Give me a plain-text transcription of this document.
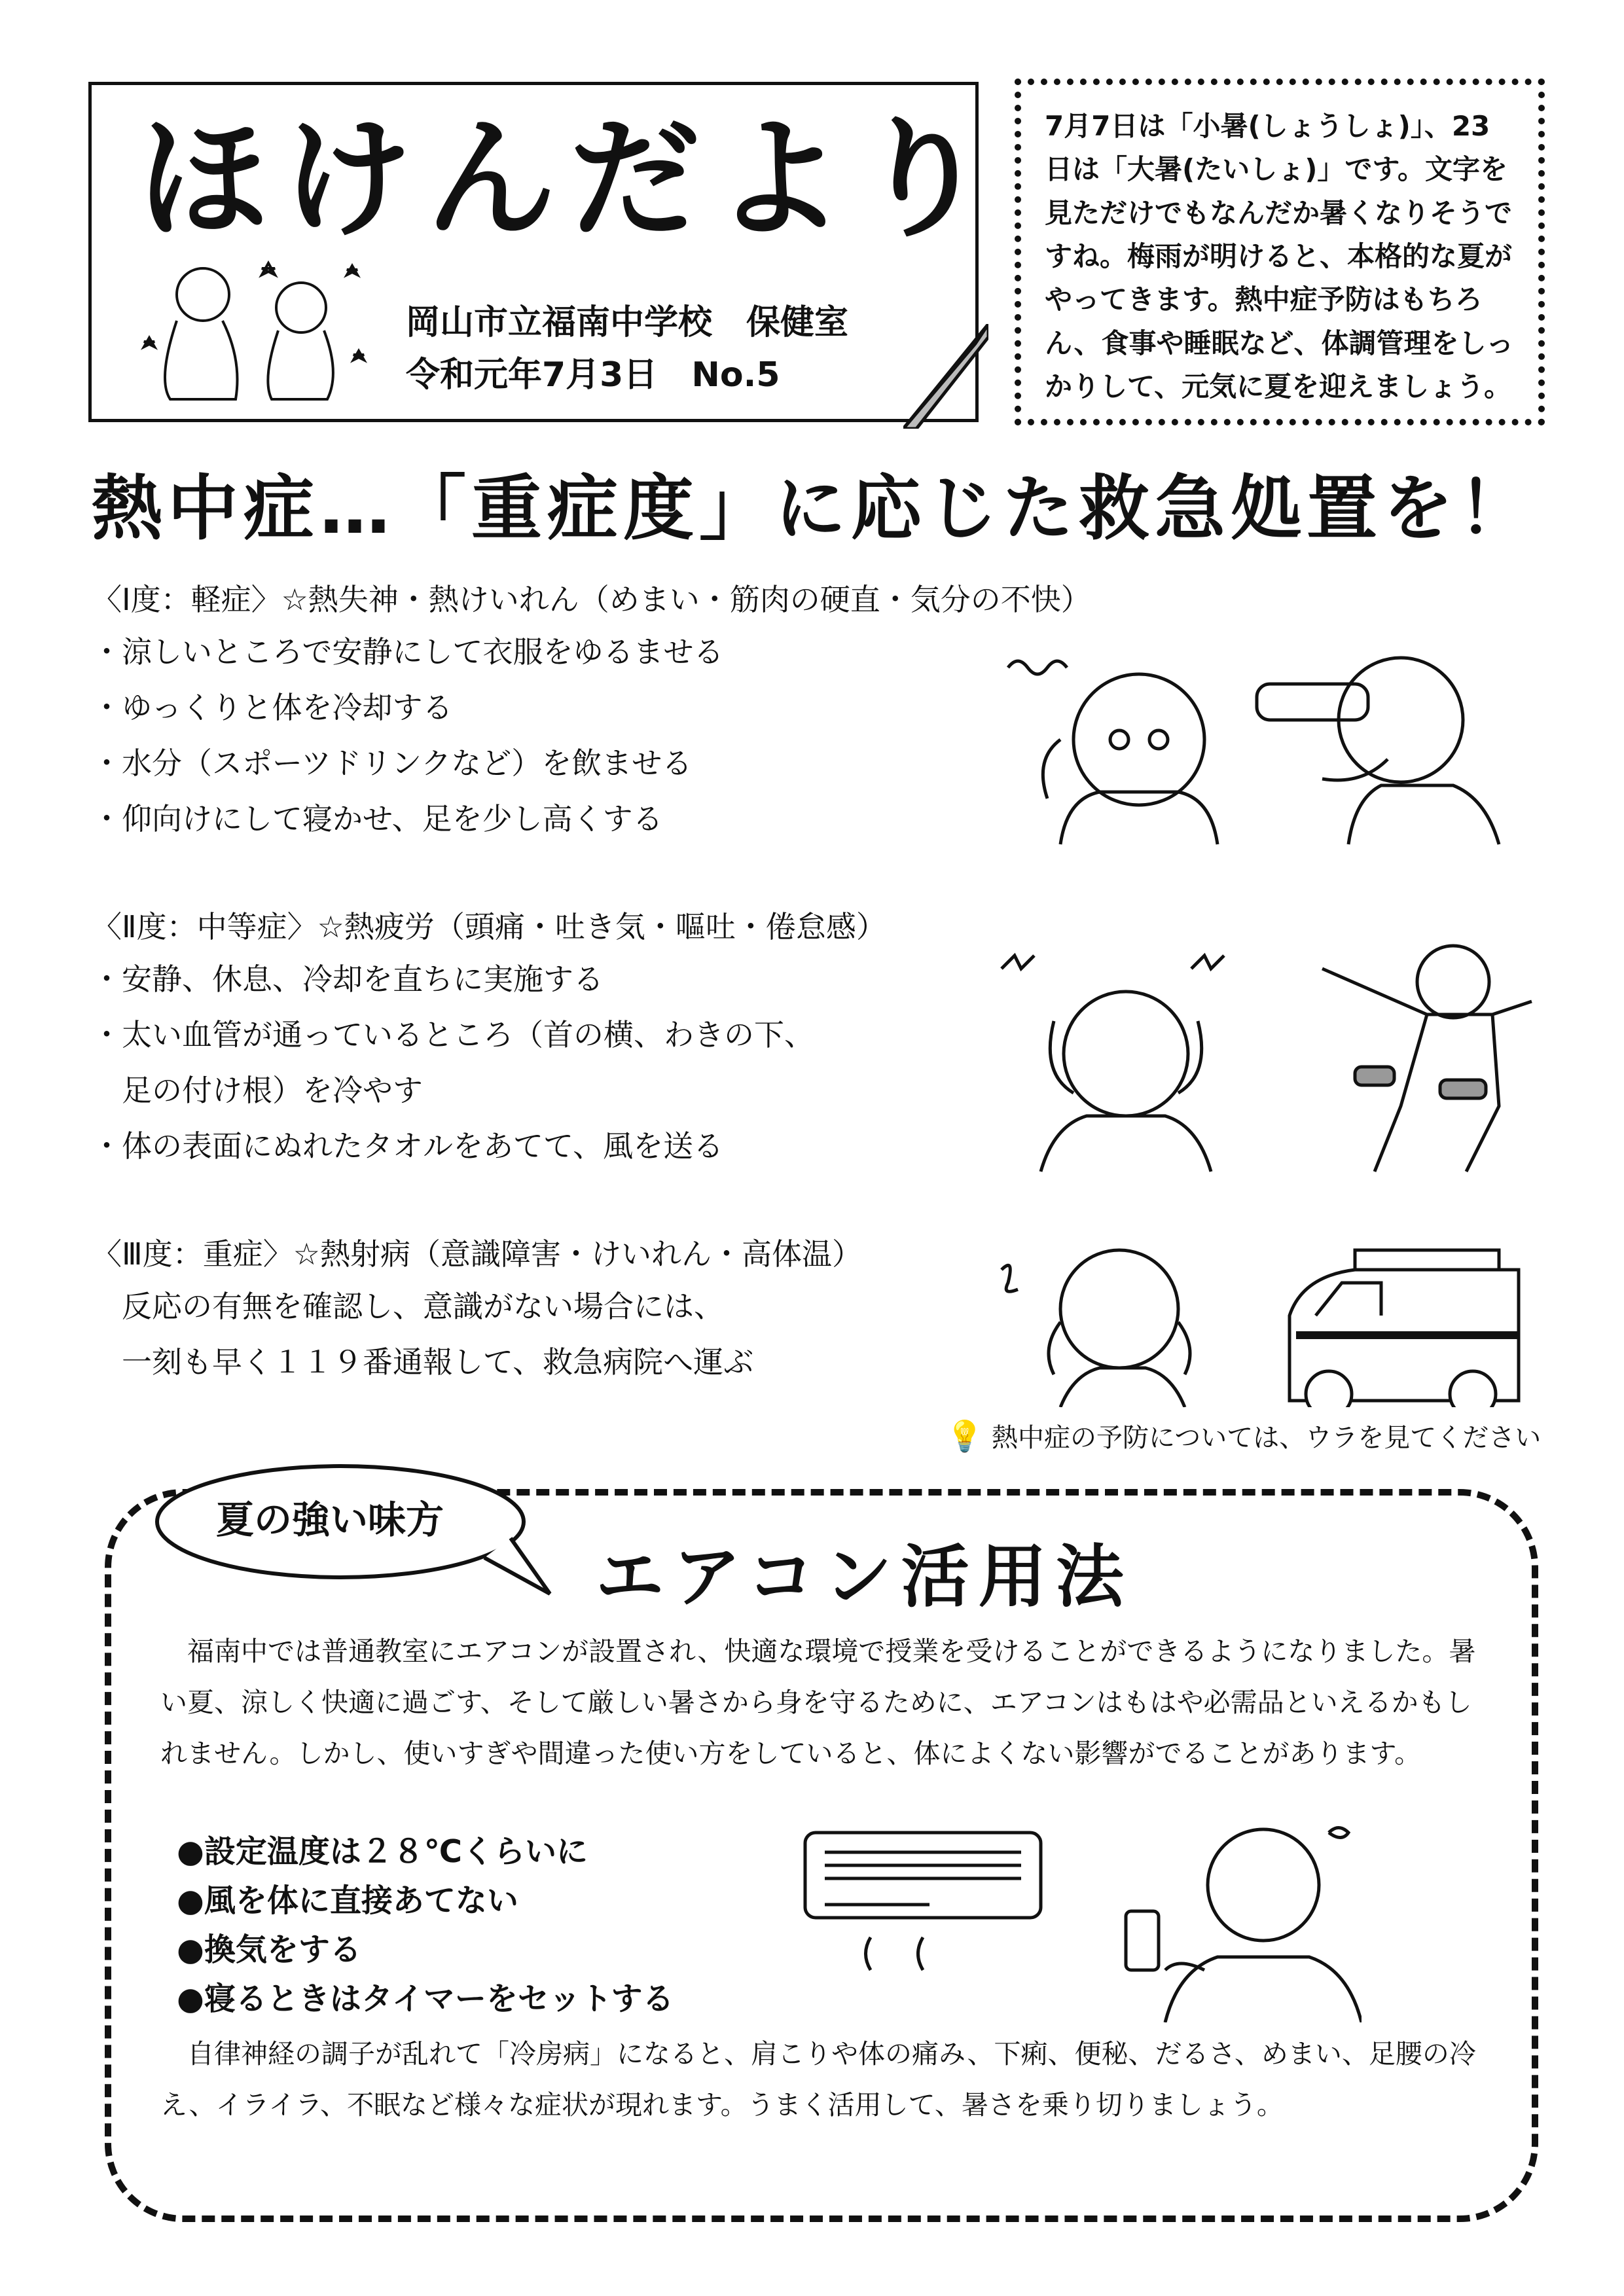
ほけんだより
岡山市立福南中学校　保健室
令和元年7月3日　No.5

7月7日は「小暑(しょうしょ)」、23日は「大暑(たいしょ)」です。文字を見ただけでもなんだか暑くなりそうですね。梅雨が明けると、本格的な夏がやってきます。熱中症予防はもちろん、食事や睡眠など、体調管理をしっかりして、元気に夏を迎えましょう。

熱中症…「重症度」に応じた救急処置を！
〈Ⅰ度：軽症〉☆熱失神・熱けいれん（めまい・筋肉の硬直・気分の不快）
・涼しいところで安静にして衣服をゆるませる
・ゆっくりと体を冷却する
・水分（スポーツドリンクなど）を飲ませる
・仰向けにして寝かせ、足を少し高くする
〈Ⅱ度：中等症〉☆熱疲労（頭痛・吐き気・嘔吐・倦怠感）
・安静、休息、冷却を直ちに実施する
・太い血管が通っているところ（首の横、わきの下、
　足の付け根）を冷やす
・体の表面にぬれたタオルをあてて、風を送る
〈Ⅲ度：重症〉☆熱射病（意識障害・けいれん・高体温）
　反応の有無を確認し、意識がない場合には、
　一刻も早く１１９番通報して、救急病院へ運ぶ
💡 熱中症の予防については、ウラを見てください
夏の強い味方
エアコン活用法

　福南中では普通教室にエアコンが設置され、快適な環境で授業を受けることができるようになりました。暑い夏、涼しく快適に過ごす、そして厳しい暑さから身を守るために、エアコンはもはや必需品といえるかもしれません。しかし、使いすぎや間違った使い方をしていると、体によくない影響がでることがあります。

●設定温度は２８℃くらいに
●風を体に直接あてない
●換気をする
●寝るときはタイマーをセットする

　自律神経の調子が乱れて「冷房病」になると、肩こりや体の痛み、下痢、便秘、だるさ、めまい、足腰の冷え、イライラ、不眠など様々な症状が現れます。うまく活用して、暑さを乗り切りましょう。
